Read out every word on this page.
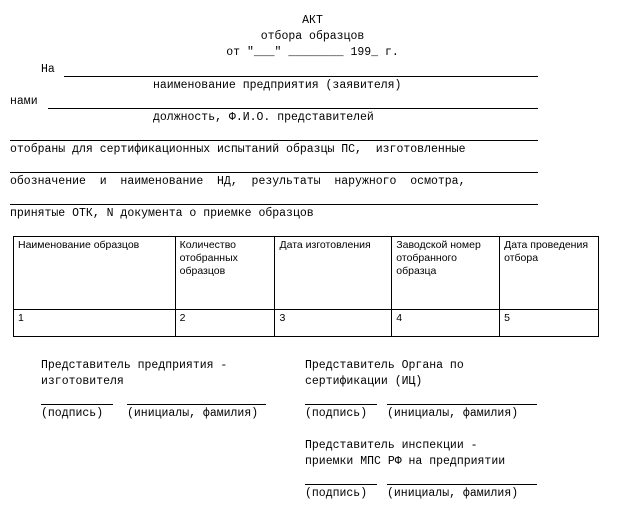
АКТ
отбора образцов
от "___" ________ 199_ г.
На
наименование предприятия (заявителя)
нами
должность, Ф.И.О. представителей
отобраны для сертификационных испытаний образцы ПС,  изготовленные
обозначение  и  наименование  НД,  результаты  наружного  осмотра,
принятые ОТК, N документа о приемке образцов
Наименование образцов	Количество отобранных образцов	Дата изготовления	Заводской номер отобранного образца	Дата проведения отбора
1	2	3	4	5
Представитель предприятия -
изготовителя
(подпись) (инициалы, фамилия)
Представитель Органа по
сертификации (ИЦ)
(подпись) (инициалы, фамилия)
Представитель инспекции -
приемки МПС РФ на предприятии
(подпись) (инициалы, фамилия)
